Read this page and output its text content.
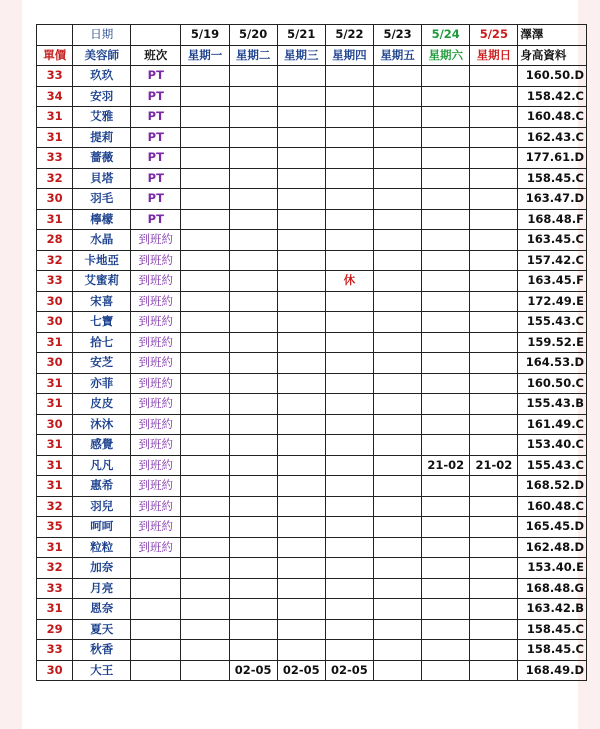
	日期		5/19	5/20	5/21	5/22	5/23	5/24	5/25	澤澤
單價	美容師	班次	星期一	星期二	星期三	星期四	星期五	星期六	星期日	身高資料
33	玖玖	PT								160.50.D
34	安羽	PT								158.42.C
31	艾雅	PT								160.48.C
31	提莉	PT								162.43.C
33	薔薇	PT								177.61.D
32	貝塔	PT								158.45.C
30	羽毛	PT								163.47.D
31	檸檬	PT								168.48.F
28	水晶	到班約								163.45.C
32	卡地亞	到班約								157.42.C
33	艾蜜莉	到班約				休				163.45.F
30	宋喜	到班約								172.49.E
30	七寶	到班約								155.43.C
31	拾七	到班約								159.52.E
30	安芝	到班約								164.53.D
31	亦菲	到班約								160.50.C
31	皮皮	到班約								155.43.B
30	沐沐	到班約								161.49.C
31	感覺	到班約								153.40.C
31	凡凡	到班約						21-02	21-02	155.43.C
31	惠希	到班約								168.52.D
32	羽兒	到班約								160.48.C
35	呵呵	到班約								165.45.D
31	粒粒	到班約								162.48.D
32	加奈									153.40.E
33	月亮									168.48.G
31	恩奈									163.42.B
29	夏天									158.45.C
33	秋香									158.45.C
30	大王			02-05	02-05	02-05				168.49.D
